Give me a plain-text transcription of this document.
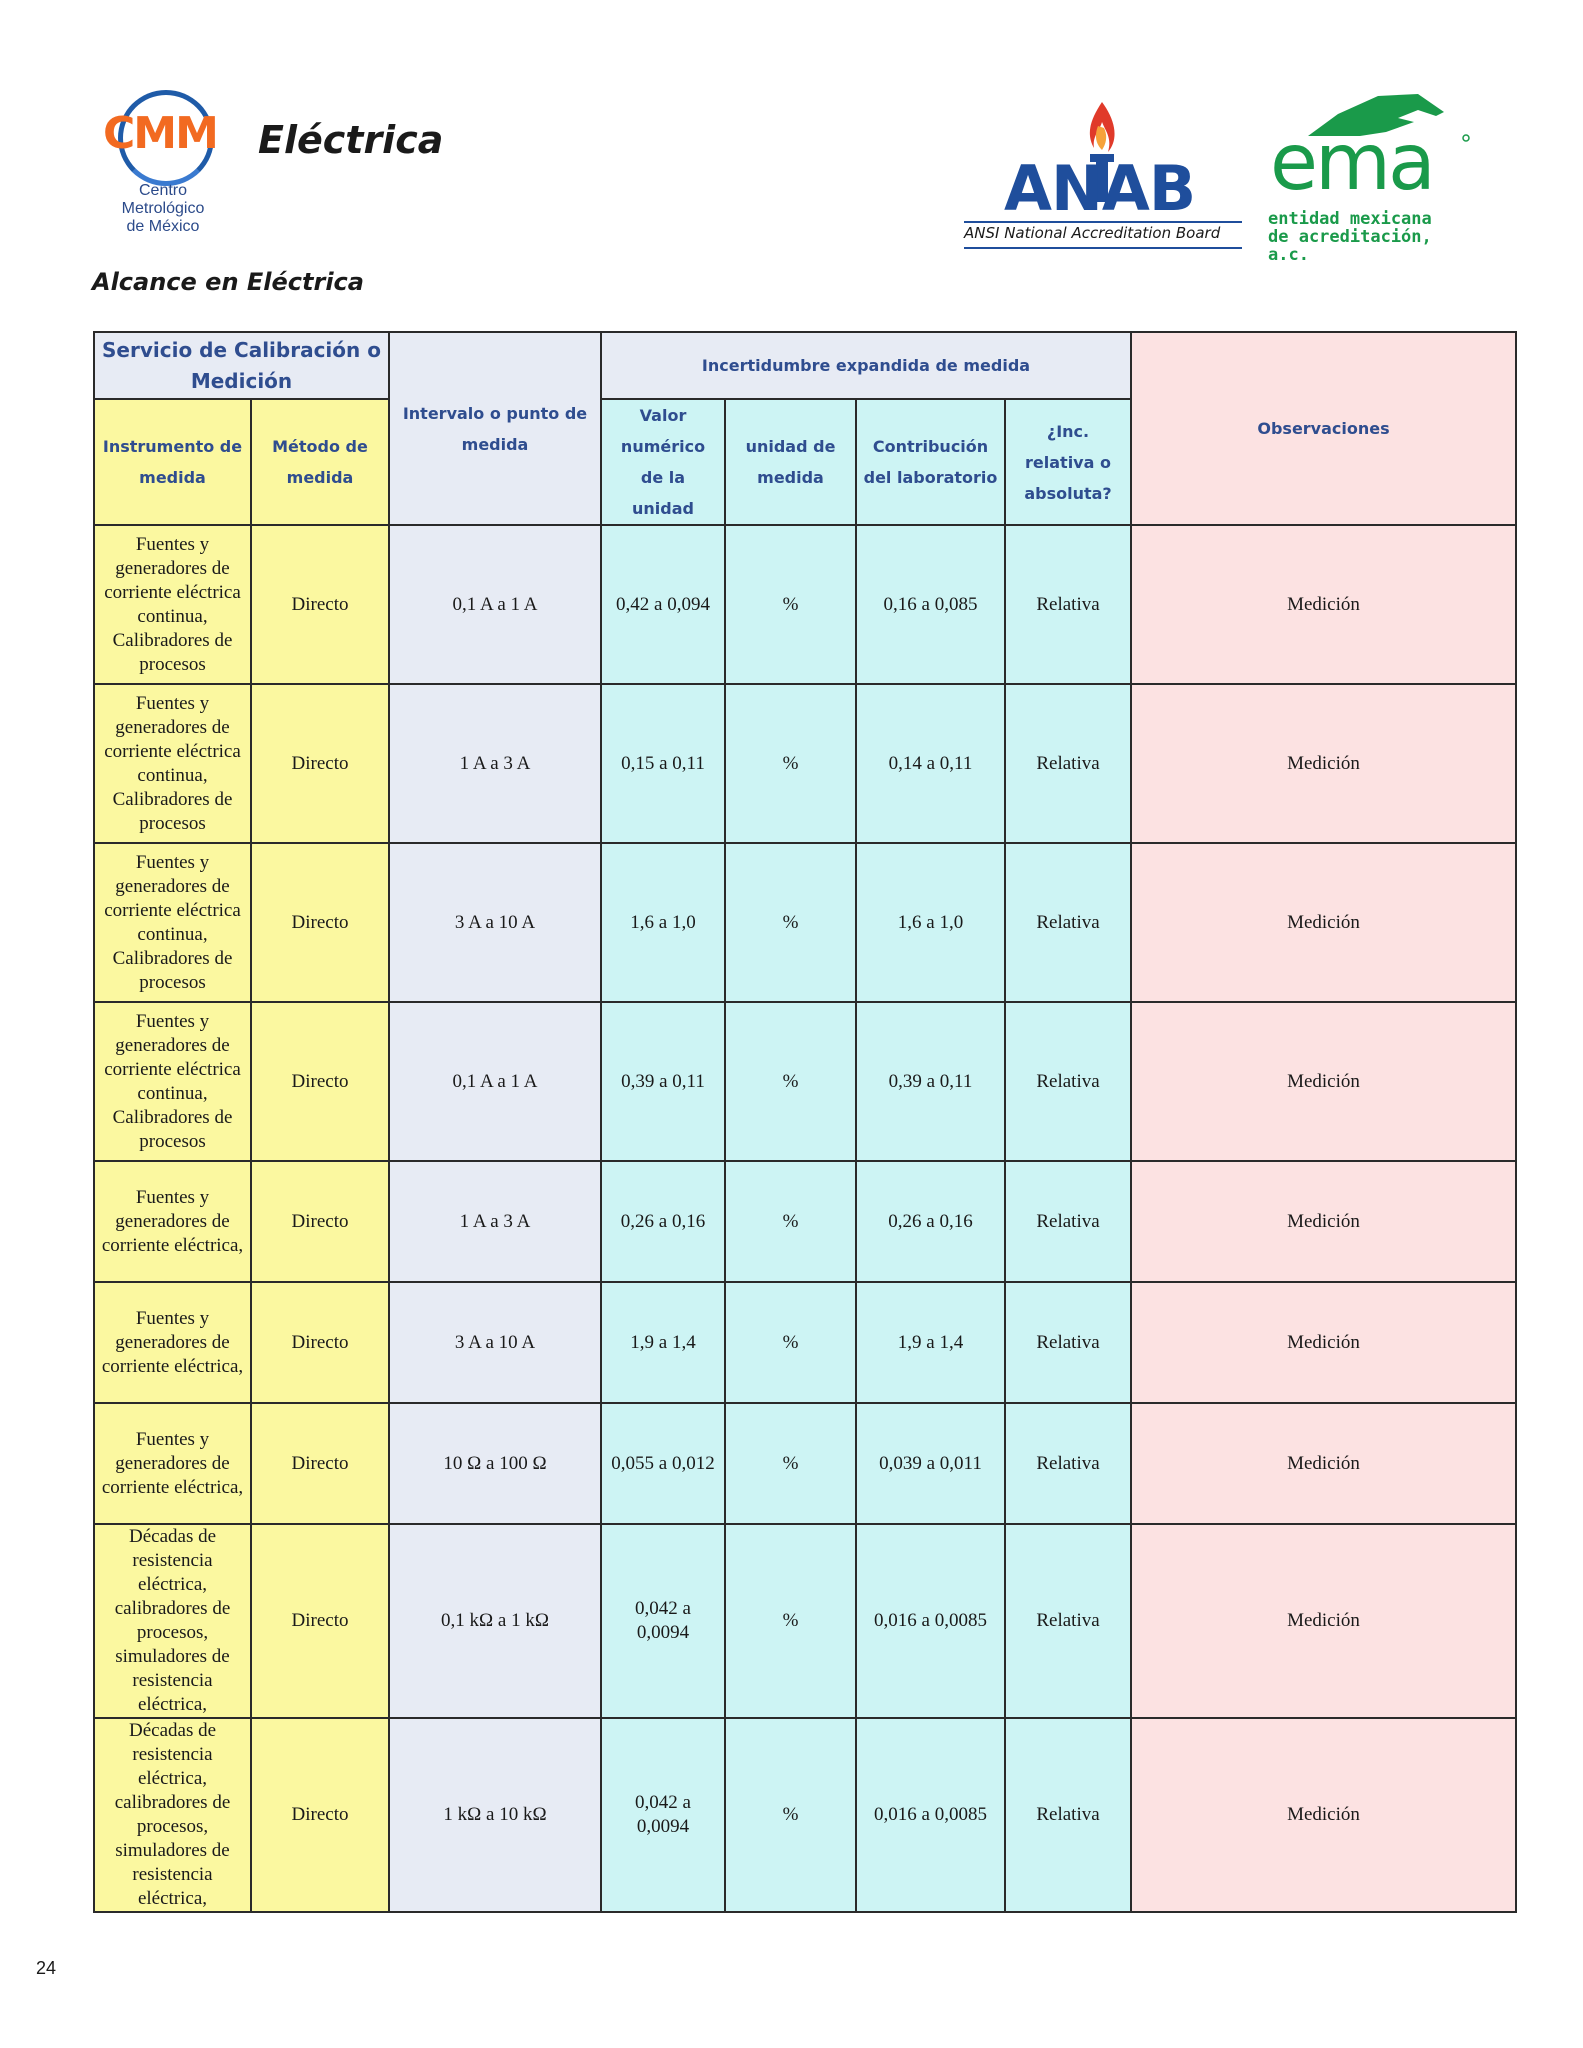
CMM
Centro Metrológico
de México
Eléctrica
ANAB
ANSI National Accreditation Board
ema
entidad mexicana
de acreditación, a.c.
Alcance en Eléctrica
Servicio de Calibración o Medición		Intervalo o punto de medida	Incertidumbre expandida de medida				Observaciones
Instrumento de medida	Método de medida		Valor numérico de la unidad	unidad de medida	Contribución del laboratorio	¿Inc. relativa o absoluta?	
Fuentes y generadores de corriente eléctrica continua, Calibradores de procesos	Directo	0,1 A a 1 A	0,42 a 0,094	%	0,16 a 0,085	Relativa	Medición
Fuentes y generadores de corriente eléctrica continua, Calibradores de procesos	Directo	1 A a 3 A	0,15 a 0,11	%	0,14 a 0,11	Relativa	Medición
Fuentes y generadores de corriente eléctrica continua, Calibradores de procesos	Directo	3 A a 10 A	1,6 a 1,0	%	1,6 a 1,0	Relativa	Medición
Fuentes y generadores de corriente eléctrica continua, Calibradores de procesos	Directo	0,1 A a 1 A	0,39 a 0,11	%	0,39 a 0,11	Relativa	Medición
Fuentes y generadores de corriente eléctrica,	Directo	1 A a 3 A	0,26 a 0,16	%	0,26 a 0,16	Relativa	Medición
Fuentes y generadores de corriente eléctrica,	Directo	3 A a 10 A	1,9 a 1,4	%	1,9 a 1,4	Relativa	Medición
Fuentes y generadores de corriente eléctrica,	Directo	10 Ω a 100 Ω	0,055 a 0,012	%	0,039 a 0,011	Relativa	Medición
Décadas de resistencia eléctrica, calibradores de procesos, simuladores de resistencia eléctrica,	Directo	0,1 kΩ a 1 kΩ	0,042 a 0,0094	%	0,016 a 0,0085	Relativa	Medición
Décadas de resistencia eléctrica, calibradores de procesos, simuladores de resistencia eléctrica,	Directo	1 kΩ a 10 kΩ	0,042 a 0,0094	%	0,016 a 0,0085	Relativa	Medición
24
